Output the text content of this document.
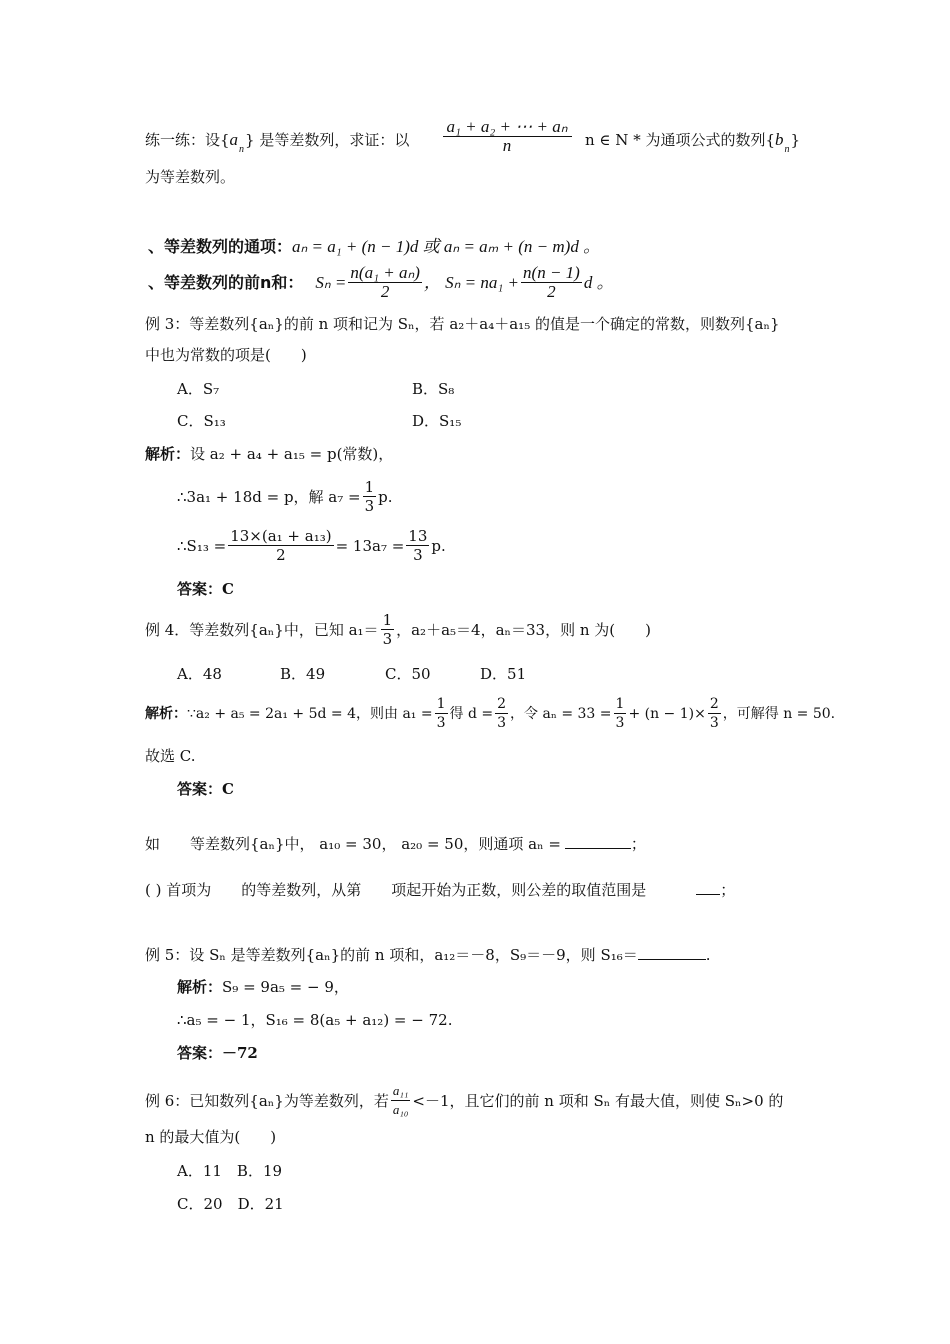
练一练：设$\{a_n\}$ 是等差数列，求证：以 $\frac{\text{a₁ + a₂ + ⋯ + aₙ}}{n}$ n ∈ N * 为通项公式的数列$\{b_n\}$
为等差数列。
、等差数列的通项：aₙ = a₁ + (n − 1)d 或 aₙ = aₘ + (n − m)d 。
、等差数列的前n和： $S_n = \frac{\text{n(a₁ + aₙ)}}{2}$ ， $S_n = na_1 + \frac{n(n - 1)}{2}$ d 。
例 3：等差数列{aₙ}的前 n 项和记为 Sₙ，若 a₂＋a₄＋a₁₅ 的值是一个确定的常数，则数列{aₙ}
中也为常数的项是(　　)
A．S₇	B．S₈
C．S₁₃	D．S₁₅
解析：设 a₂ + a₄ + a₁₅ = p(常数)，
∴3a₁ + 18d = p，解 $a_7 = \frac{1}{3} p$.
∴S₁₃ = $\frac{\text{13×(a₁ + a₁₃)}}{2} = 13a_7 = \frac{13}{3} p$.
答案：C
例 4．等差数列{aₙ}中，已知 $a_1= \frac{1}{3}$ ，a₂＋a₅＝4，aₙ＝33，则 n 为(　　)
A．48	B．49	C．50	D．51
解析： ∵a₂ + a₅ = 2a₁ + 5d = 4，则由 $a_1 = \frac{1}{3}$ 得 $d = \frac{2}{3}$ ，令 $a_n = 33 = \frac{1}{3} + (n - 1)\times \frac{2}{3}$ ，可解得 n = 50.
故选 C.
答案：C
如　　等差数列{aₙ}中， a₁₀ = 30， a₂₀ = 50，则通项 aₙ =	；
( ) 首项为　　的等差数列，从第　　项起开始为正数，则公差的取值范围是	；
例 5：设 Sₙ 是等差数列{aₙ}的前 n 项和，a₁₂＝－8，S₉＝－9，则 S₁₆＝	.
解析：S₉ = 9a₅ = − 9，
∴a₅ = − 1，S₁₆ = 8(a₅ + a₁₂) = − 72.
答案：－72
例 6：已知数列{aₙ}为等差数列，若 $\frac{\text{a₁₁}}{\text{a₁₀}} <-1$，且它们的前 n 项和 Sₙ 有最大值，则使 Sₙ>0 的
n 的最大值为(　　)
A．11　B．19
C．20　D．21
